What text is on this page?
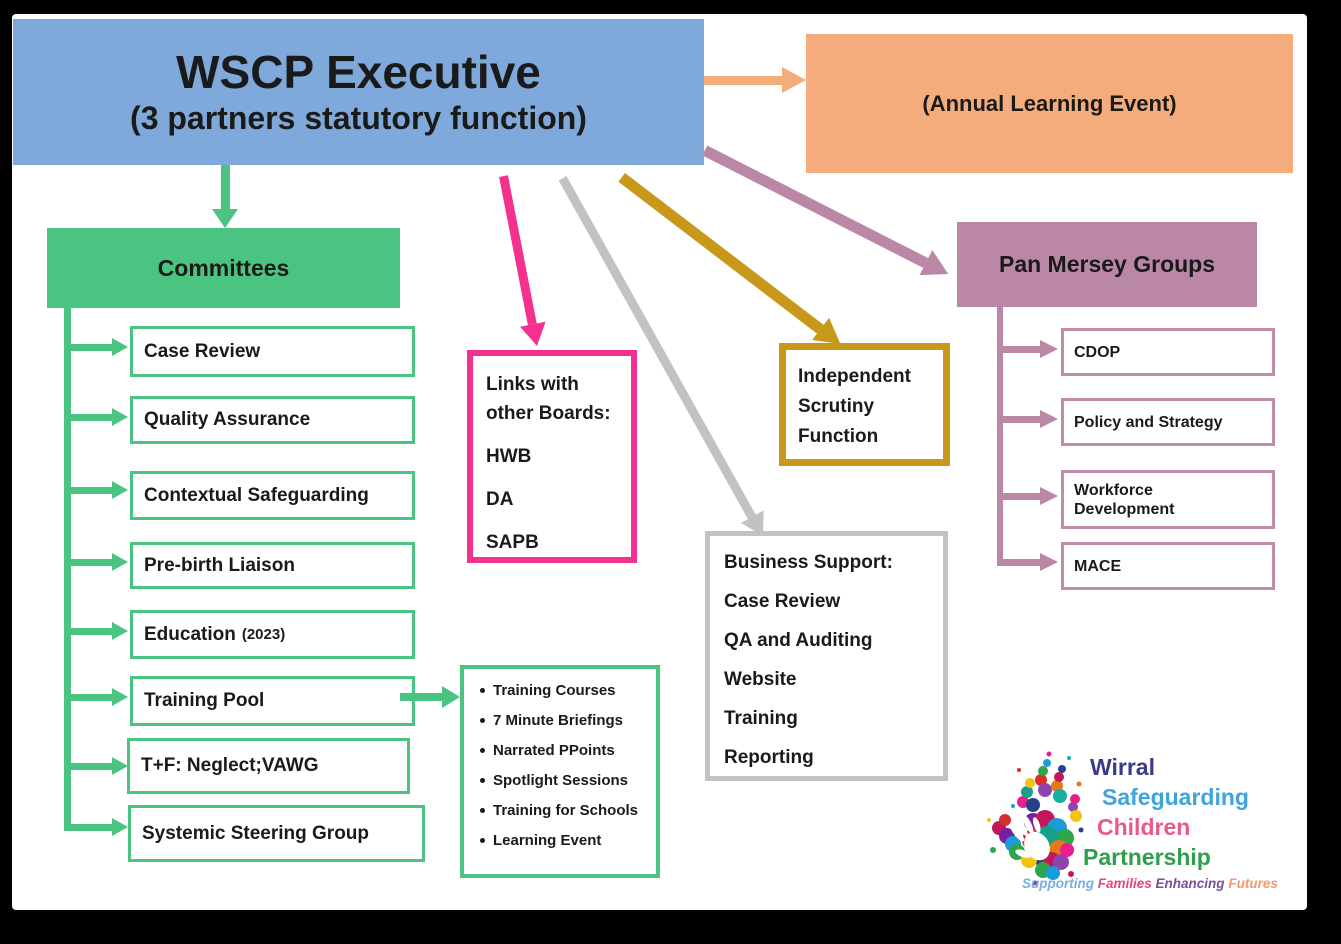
WSCP Executive
(3 partners statutory function)	(Annual Learning Event)
Committees
Case Review
Quality Assurance
Contextual Safeguarding
Pre-birth Liaison
Education (2023)
Training Pool
T+F: Neglect;VAWG
Systemic Steering Group
Training Courses
7 Minute Briefings
Narrated PPoints
Spotlight Sessions
Training for Schools
Learning Event
Links with
other Boards:
HWB
DA
SAPB
Independent
Scrutiny
Function
Business Support:
Case Review
QA and Auditing
Website
Training
Reporting
Pan Mersey Groups
CDOP
Policy and Strategy
Workforce Development
MACE
Wirral
Safeguarding
Children
Partnership
Supporting Families Enhancing Futures
